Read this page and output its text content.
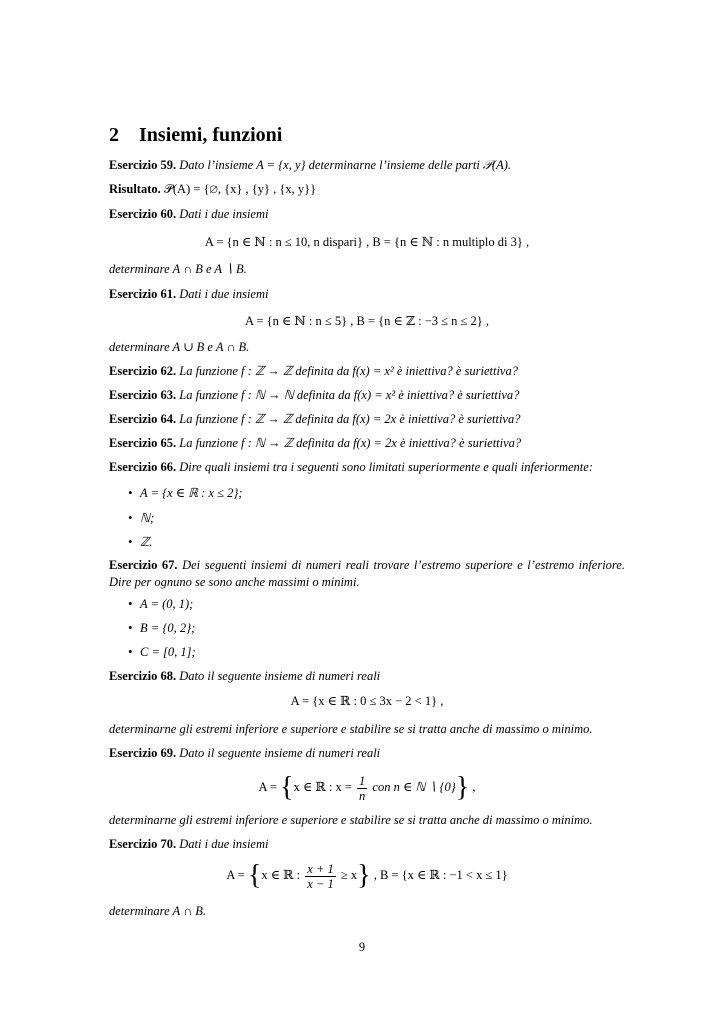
2 Insiemi, funzioni
Esercizio 59. Dato l’insieme A = {x, y} determinarne l’insieme delle parti 𝒫(A).
Risultato. 𝒫(A) = {∅, {x} , {y} , {x, y}}
Esercizio 60. Dati i due insiemi
A = {n ∈ ℕ : n ≤ 10, n dispari} , B = {n ∈ ℕ : n multiplo di 3} ,
determinare A ∩ B e A ∖ B.
Esercizio 61. Dati i due insiemi
A = {n ∈ ℕ : n ≤ 5} , B = {n ∈ ℤ : −3 ≤ n ≤ 2} ,
determinare A ∪ B e A ∩ B.
Esercizio 62. La funzione f : ℤ → ℤ definita da f(x) = x² è iniettiva? è suriettiva?
Esercizio 63. La funzione f : ℕ → ℕ definita da f(x) = x² è iniettiva? è suriettiva?
Esercizio 64. La funzione f : ℤ → ℤ definita da f(x) = 2x è iniettiva? è suriettiva?
Esercizio 65. La funzione f : ℕ → ℤ definita da f(x) = 2x è iniettiva? è suriettiva?
Esercizio 66. Dire quali insiemi tra i seguenti sono limitati superiormente e quali inferiormente:
• A = {x ∈ ℝ : x ≤ 2};
• ℕ;
• ℤ.
Esercizio 67. Dei seguenti insiemi di numeri reali trovare l’estremo superiore e l’estremo inferiore. Dire per ognuno se sono anche massimi o minimi.
• A = (0, 1);
• B = {0, 2};
• C = [0, 1];
Esercizio 68. Dato il seguente insieme di numeri reali
A = {x ∈ ℝ : 0 ≤ 3x − 2 < 1} ,
determinarne gli estremi inferiore e superiore e stabilire se si tratta anche di massimo o minimo.
Esercizio 69. Dato il seguente insieme di numeri reali
A = {x ∈ ℝ : $x = \frac{1}{n}$ con n ∈ ℕ ∖ {0}} ,
determinarne gli estremi inferiore e superiore e stabilire se si tratta anche di massimo o minimo.
Esercizio 70. Dati i due insiemi
A = {x ∈ ℝ : $\frac{x + 1}{x - 1} \ge x$} , B = {x ∈ ℝ : −1 < x ≤ 1}
determinare A ∩ B.
9
